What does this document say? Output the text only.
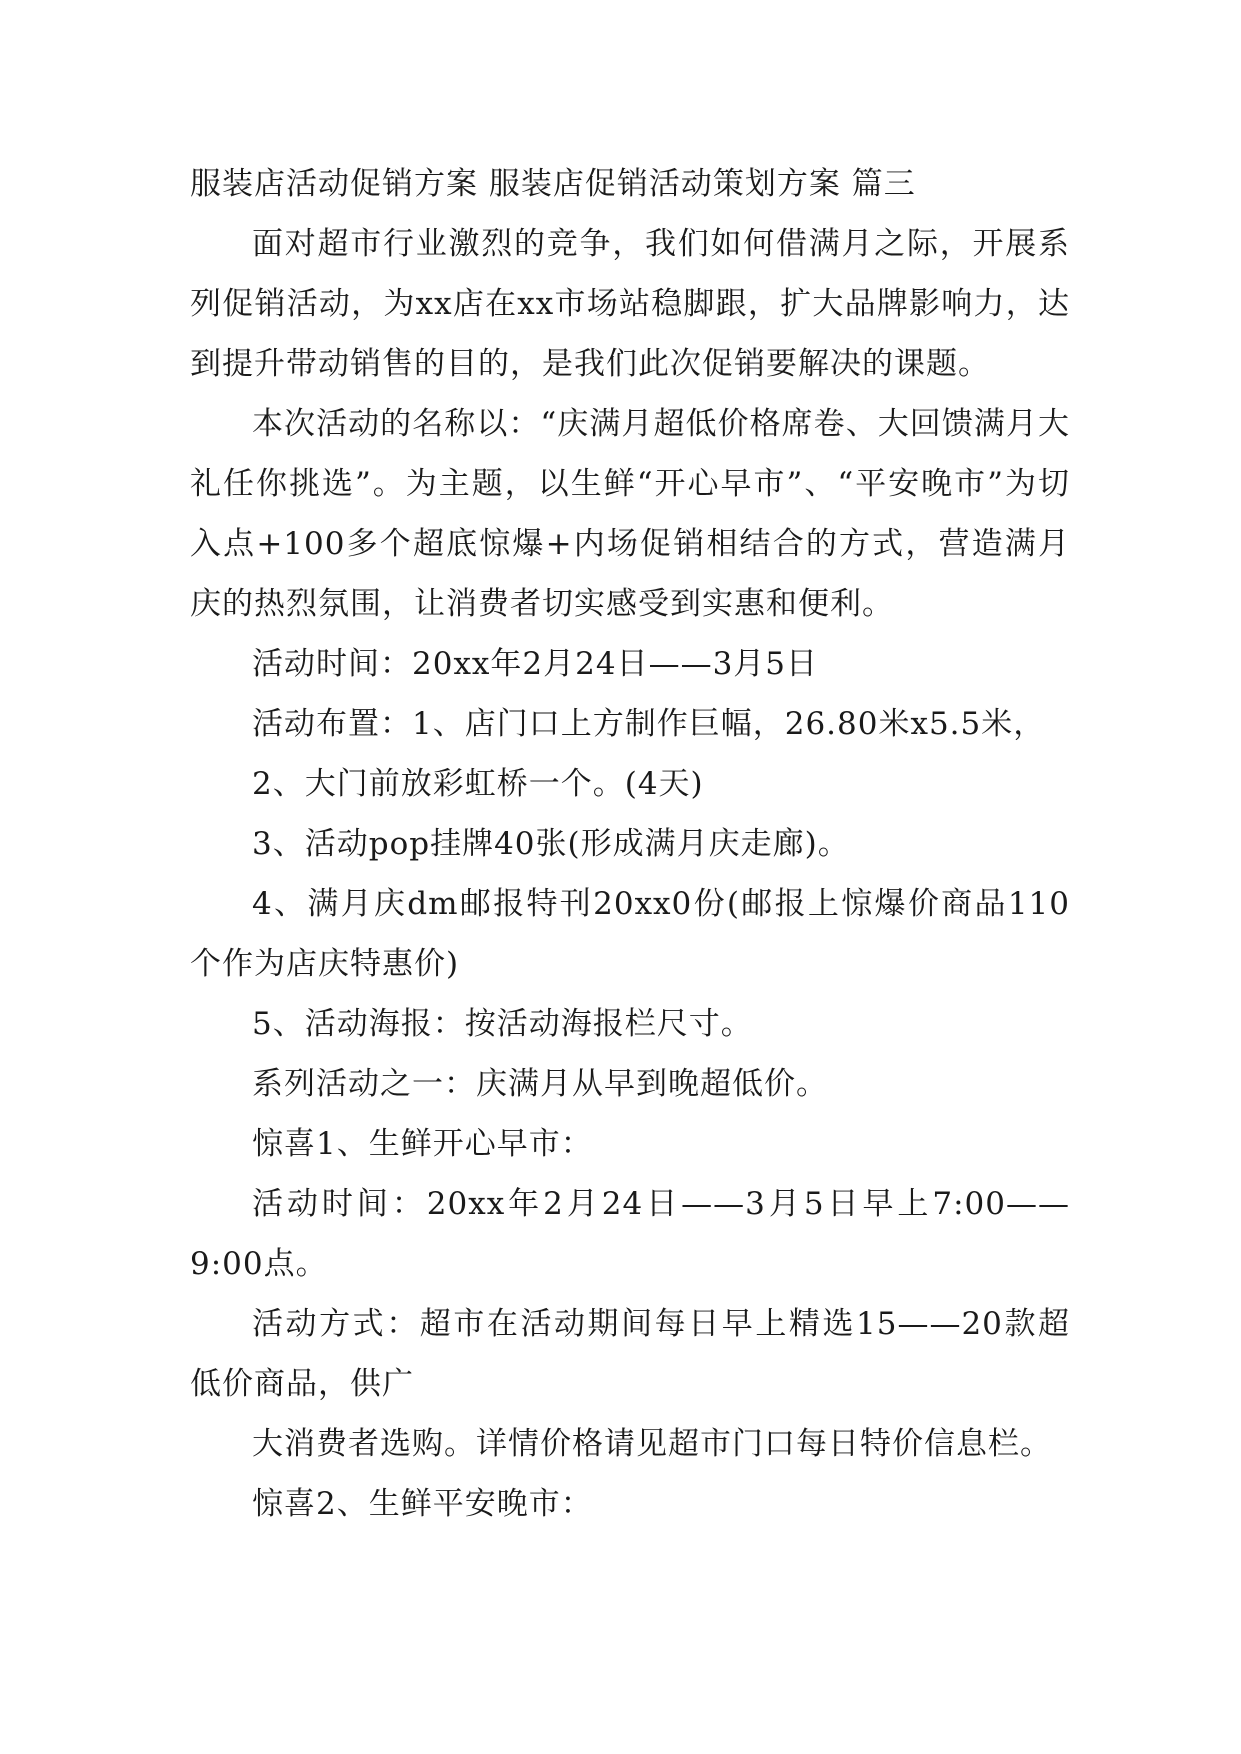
服装店活动促销方案 服装店促销活动策划方案 篇三

面对超市行业激烈的竞争，我们如何借满月之际，开展系列促销活动，为xx店在xx市场站稳脚跟，扩大品牌影响力，达到提升带动销售的目的，是我们此次促销要解决的课题。

本次活动的名称以：“庆满月超低价格席卷、大回馈满月大礼任你挑选”。为主题，以生鲜“开心早市”、“平安晚市”为切入点+100多个超底惊爆+内场促销相结合的方式，营造满月庆的热烈氛围，让消费者切实感受到实惠和便利。

活动时间：20xx年2月24日——3月5日

活动布置：1、店门口上方制作巨幅，26.80米x5.5米，

2、大门前放彩虹桥一个。(4天)

3、活动pop挂牌40张(形成满月庆走廊)。

4、满月庆dm邮报特刊20xx0份(邮报上惊爆价商品110个作为店庆特惠价)

5、活动海报：按活动海报栏尺寸。

系列活动之一：庆满月从早到晚超低价。

惊喜1、生鲜开心早市：

活动时间：20xx年2月24日——3月5日早上7:00——9:00点。

活动方式：超市在活动期间每日早上精选15——20款超低价商品，供广

大消费者选购。详情价格请见超市门口每日特价信息栏。

惊喜2、生鲜平安晚市：
